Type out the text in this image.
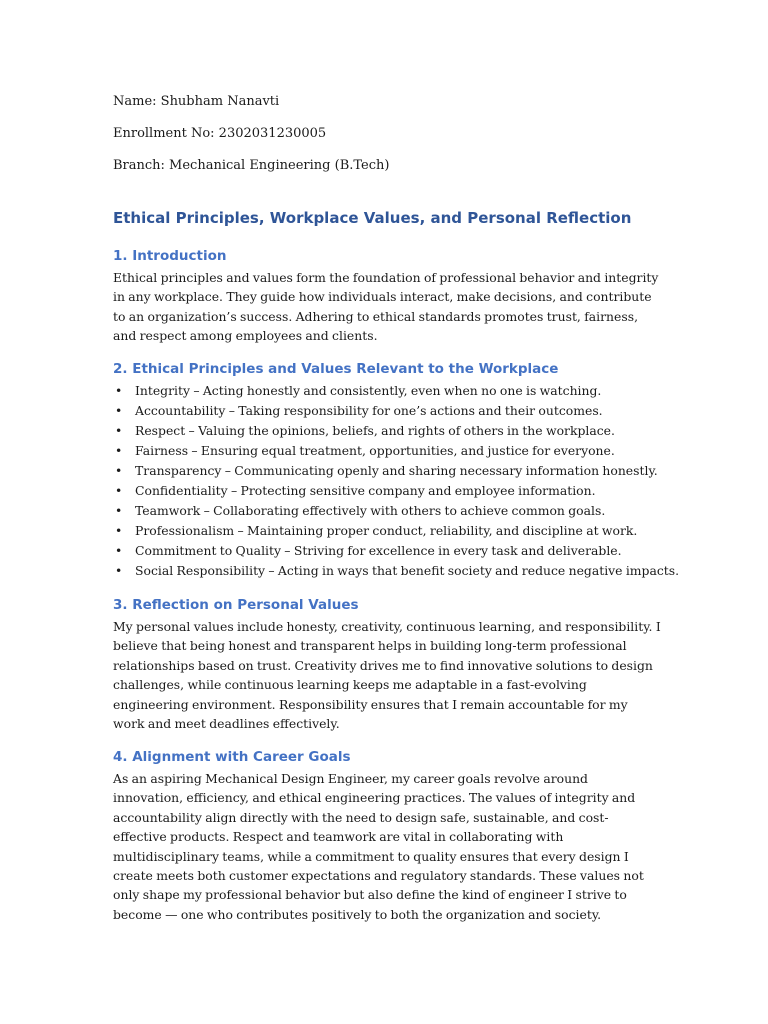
Name: Shubham Nanavti

Enrollment No: 2302031230005

Branch: Mechanical Engineering (B.Tech)

Ethical Principles, Workplace Values, and Personal Reflection
1. Introduction

Ethical principles and values form the foundation of professional behavior and integrity in any workplace. They guide how individuals interact, make decisions, and contribute to an organization’s success. Adhering to ethical standards promotes trust, fairness, and respect among employees and clients.

2. Ethical Principles and Values Relevant to the Workplace
• Integrity – Acting honestly and consistently, even when no one is watching.
• Accountability – Taking responsibility for one’s actions and their outcomes.
• Respect – Valuing the opinions, beliefs, and rights of others in the workplace.
• Fairness – Ensuring equal treatment, opportunities, and justice for everyone.
• Transparency – Communicating openly and sharing necessary information honestly.
• Confidentiality – Protecting sensitive company and employee information.
• Teamwork – Collaborating effectively with others to achieve common goals.
• Professionalism – Maintaining proper conduct, reliability, and discipline at work.
• Commitment to Quality – Striving for excellence in every task and deliverable.
• Social Responsibility – Acting in ways that benefit society and reduce negative impacts.
3. Reflection on Personal Values

My personal values include honesty, creativity, continuous learning, and responsibility. I believe that being honest and transparent helps in building long-term professional relationships based on trust. Creativity drives me to find innovative solutions to design challenges, while continuous learning keeps me adaptable in a fast-evolving engineering environment. Responsibility ensures that I remain accountable for my work and meet deadlines effectively.

4. Alignment with Career Goals

As an aspiring Mechanical Design Engineer, my career goals revolve around innovation, efficiency, and ethical engineering practices. The values of integrity and accountability align directly with the need to design safe, sustainable, and cost-effective products. Respect and teamwork are vital in collaborating with multidisciplinary teams, while a commitment to quality ensures that every design I create meets both customer expectations and regulatory standards. These values not only shape my professional behavior but also define the kind of engineer I strive to become — one who contributes positively to both the organization and society.
